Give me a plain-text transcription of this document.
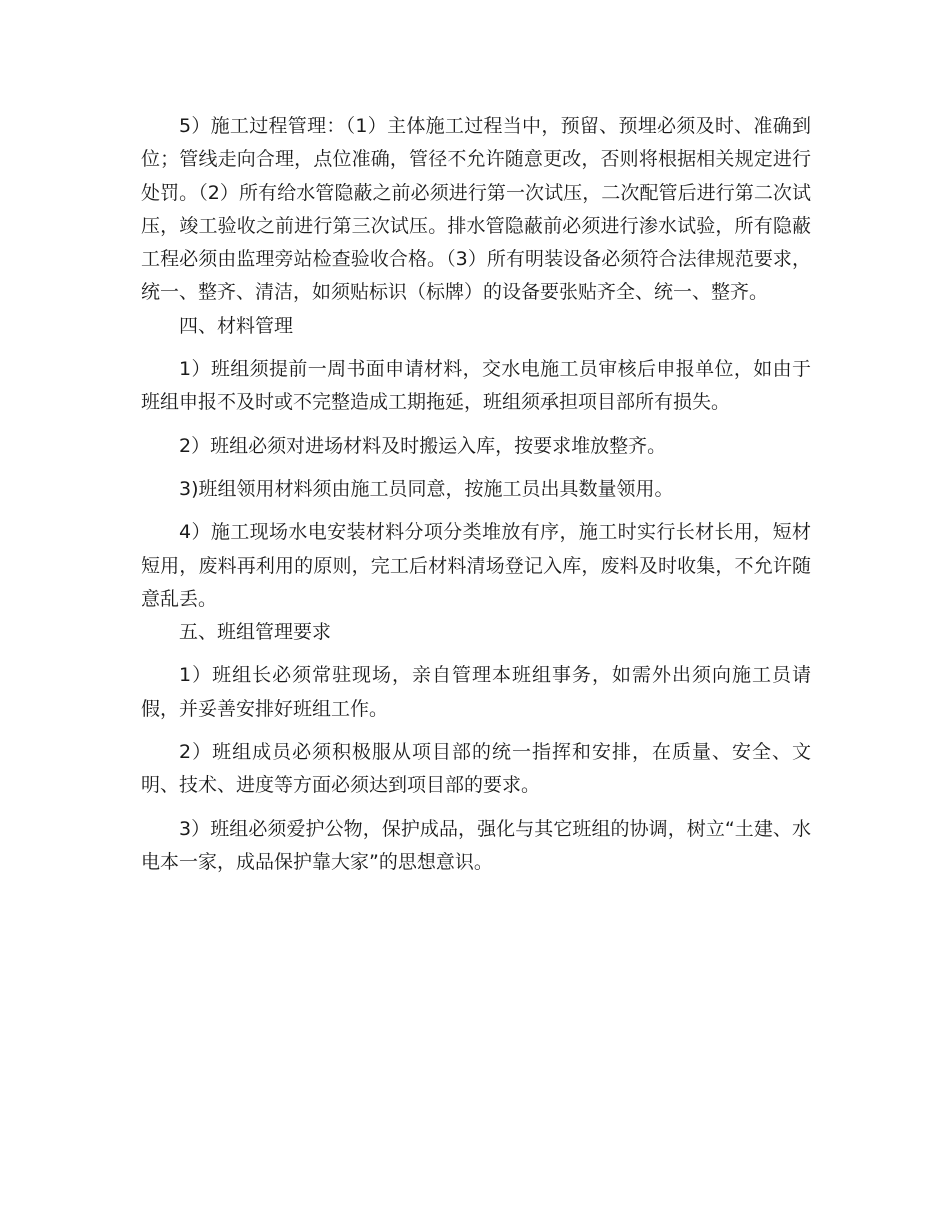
5）施工过程管理：（1）主体施工过程当中，预留、预埋必须及时、准确到位；管线走向合理，点位准确，管径不允许随意更改，否则将根据相关规定进行处罚。（2）所有给水管隐蔽之前必须进行第一次试压，二次配管后进行第二次试压，竣工验收之前进行第三次试压。排水管隐蔽前必须进行渗水试验，所有隐蔽工程必须由监理旁站检查验收合格。（3）所有明装设备必须符合法律规范要求，统一、整齐、清洁，如须贴标识（标牌）的设备要张贴齐全、统一、整齐。

四、材料管理

1）班组须提前一周书面申请材料，交水电施工员审核后申报单位，如由于班组申报不及时或不完整造成工期拖延，班组须承担项目部所有损失。

2）班组必须对进场材料及时搬运入库，按要求堆放整齐。

3)班组领用材料须由施工员同意，按施工员出具数量领用。

4）施工现场水电安装材料分项分类堆放有序，施工时实行长材长用，短材短用，废料再利用的原则，完工后材料清场登记入库，废料及时收集，不允许随意乱丢。

五、班组管理要求

1）班组长必须常驻现场，亲自管理本班组事务，如需外出须向施工员请假，并妥善安排好班组工作。

2）班组成员必须积极服从项目部的统一指挥和安排，在质量、安全、文明、技术、进度等方面必须达到项目部的要求。

3）班组必须爱护公物，保护成品，强化与其它班组的协调，树立“土建、水电本一家，成品保护靠大家”的思想意识。
